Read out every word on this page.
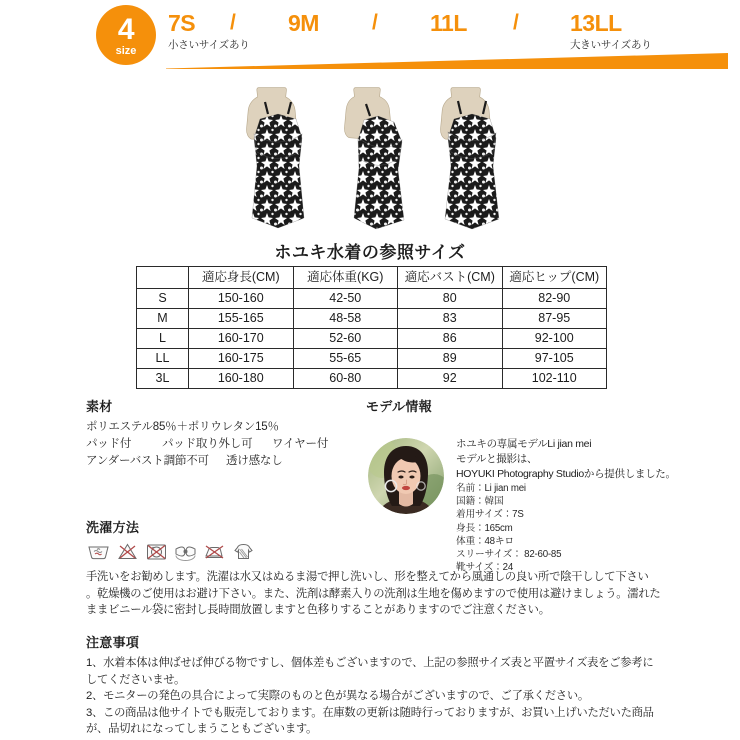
4
size
7S
小さいサイズあり
/ 9M	/ 11L / 13LL
大きいサイズあり
ホユキ水着の参照サイズ
	適応身長(CM)	適応体重(KG)	適応バスト(CM)	適応ヒップ(CM)
S	150-160	42-50	80	82-90
M	155-165	48-58	83	87-95
L	160-170	52-60	86	92-100
LL	160-175	55-65	89	97-105
3L	160-180	60-80	92	102-110
素材
ポリエステル85％＋ポリウレタン15％
パッド付	パッド取り外し可	ワイヤー付
アンダーバスト調節不可	透け感なし
モデル情報
ホユキの専属モデルLi jian mei
モデルと撮影は、
HOYUKI Photography Studioから提供しました。
名前：Li jian mei
国籍：韓国
着用サイズ：7S
身長：165cm
体重：48キロ
スリーサイズ： 82-60-85
靴サイズ：24
洗濯方法
手洗いをお勧めします。洗濯は水又はぬるま湯で押し洗いし、形を整えてから風通しの良い所で陰干しして下さい 。乾燥機のご使用はお避け下さい。また、洗剤は酵素入りの洗剤は生地を傷めますので使用は避けましょう。濡れたままビニール袋に密封し長時間放置しますと色移りすることがありますのでご注意ください。
注意事項
1、水着本体は伸ばせば伸びる物ですし、個体差もございますので、上記の参照サイズ表と平置サイズ表をご参考にしてくださいませ。
2、モニターの発色の具合によって実際のものと色が異なる場合がございますので、ご了承ください。
3、この商品は他サイトでも販売しております。在庫数の更新は随時行っておりますが、お買い上げいただいた商品が、品切れになってしまうこともございます。
